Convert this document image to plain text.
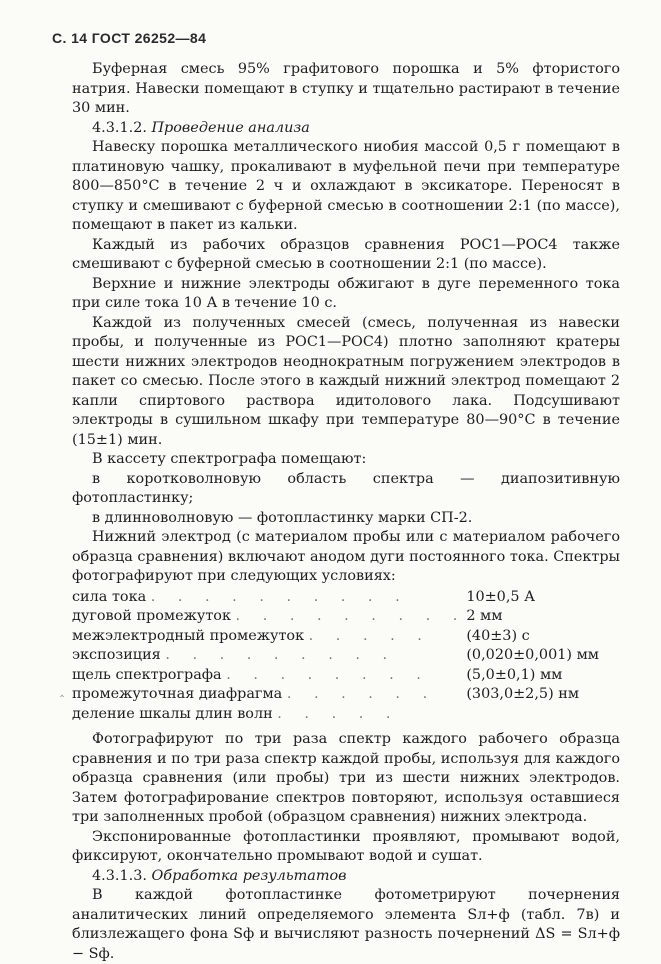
С. 14 ГОСТ 26252—84

Буферная смесь 95% графитового порошка и 5% фтористого натрия. Навески помещают в ступку и тщательно растирают в течение 30 мин.

4.3.1.2. Проведение анализа

Навеску порошка металлического ниобия массой 0,5 г помещают в платиновую чашку, прокаливают в муфельной печи при температуре 800—850°С в течение 2 ч и охлаждают в эксикаторе. Переносят в ступку и смешивают с буферной смесью в соотношении 2:1 (по массе), помещают в пакет из кальки.

Каждый из рабочих образцов сравнения РОС1—РОС4 также смешивают с буферной смесью в соотношении 2:1 (по массе).

Верхние и нижние электроды обжигают в дуге переменного тока при силе тока 10 А в течение 10 с.

Каждой из полученных смесей (смесь, полученная из навески пробы, и полученные из РОС1—РОС4) плотно заполняют кратеры шести нижних электродов неоднократным погружением электродов в пакет со смесью. После этого в каждый нижний электрод помещают 2 капли спиртового раствора идитолового лака. Подсушивают электроды в сушильном шкафу при температуре 80—90°С в течение (15±1) мин.

В кассету спектрографа помещают:

в коротковолновую область спектра — диапозитивную фотопластинку;

в длинноволновую — фотопластинку марки СП-2.

Нижний электрод (с материалом пробы или с материалом рабочего образца сравнения) включают анодом дуги постоянного тока. Спектры фотографируют при следующих условиях:

сила тока . . . . . . . . . .	10±0,5 А
дуговой промежуток . . . . . . . . .	2 мм
межэлектродный промежуток . . . . .	(40±3) с
экспозиция . . . . . . . . .	(0,020±0,001) мм
щель спектрографа . . . . . . . .	(5,0±0,1) мм
промежуточная диафрагма . . . . . .	(303,0±2,5) нм
деление шкалы длин волн . . . . .	

Фотографируют по три раза спектр каждого рабочего образца сравнения и по три раза спектр каждой пробы, используя для каждого образца сравнения (или пробы) три из шести нижних электродов. Затем фотографирование спектров повторяют, используя оставшиеся три заполненных пробой (образцом сравнения) нижних электрода.

Экспонированные фотопластинки проявляют, промывают водой, фиксируют, окончательно промывают водой и сушат.

4.3.1.3. Обработка результатов

В каждой фотопластинке фотометрируют почернения аналитических линий определяемого элемента Sл+ф (табл. 7в) и близлежащего фона Sф и вычисляют разность почернений ΔS = Sл+ф − Sф.

‸
